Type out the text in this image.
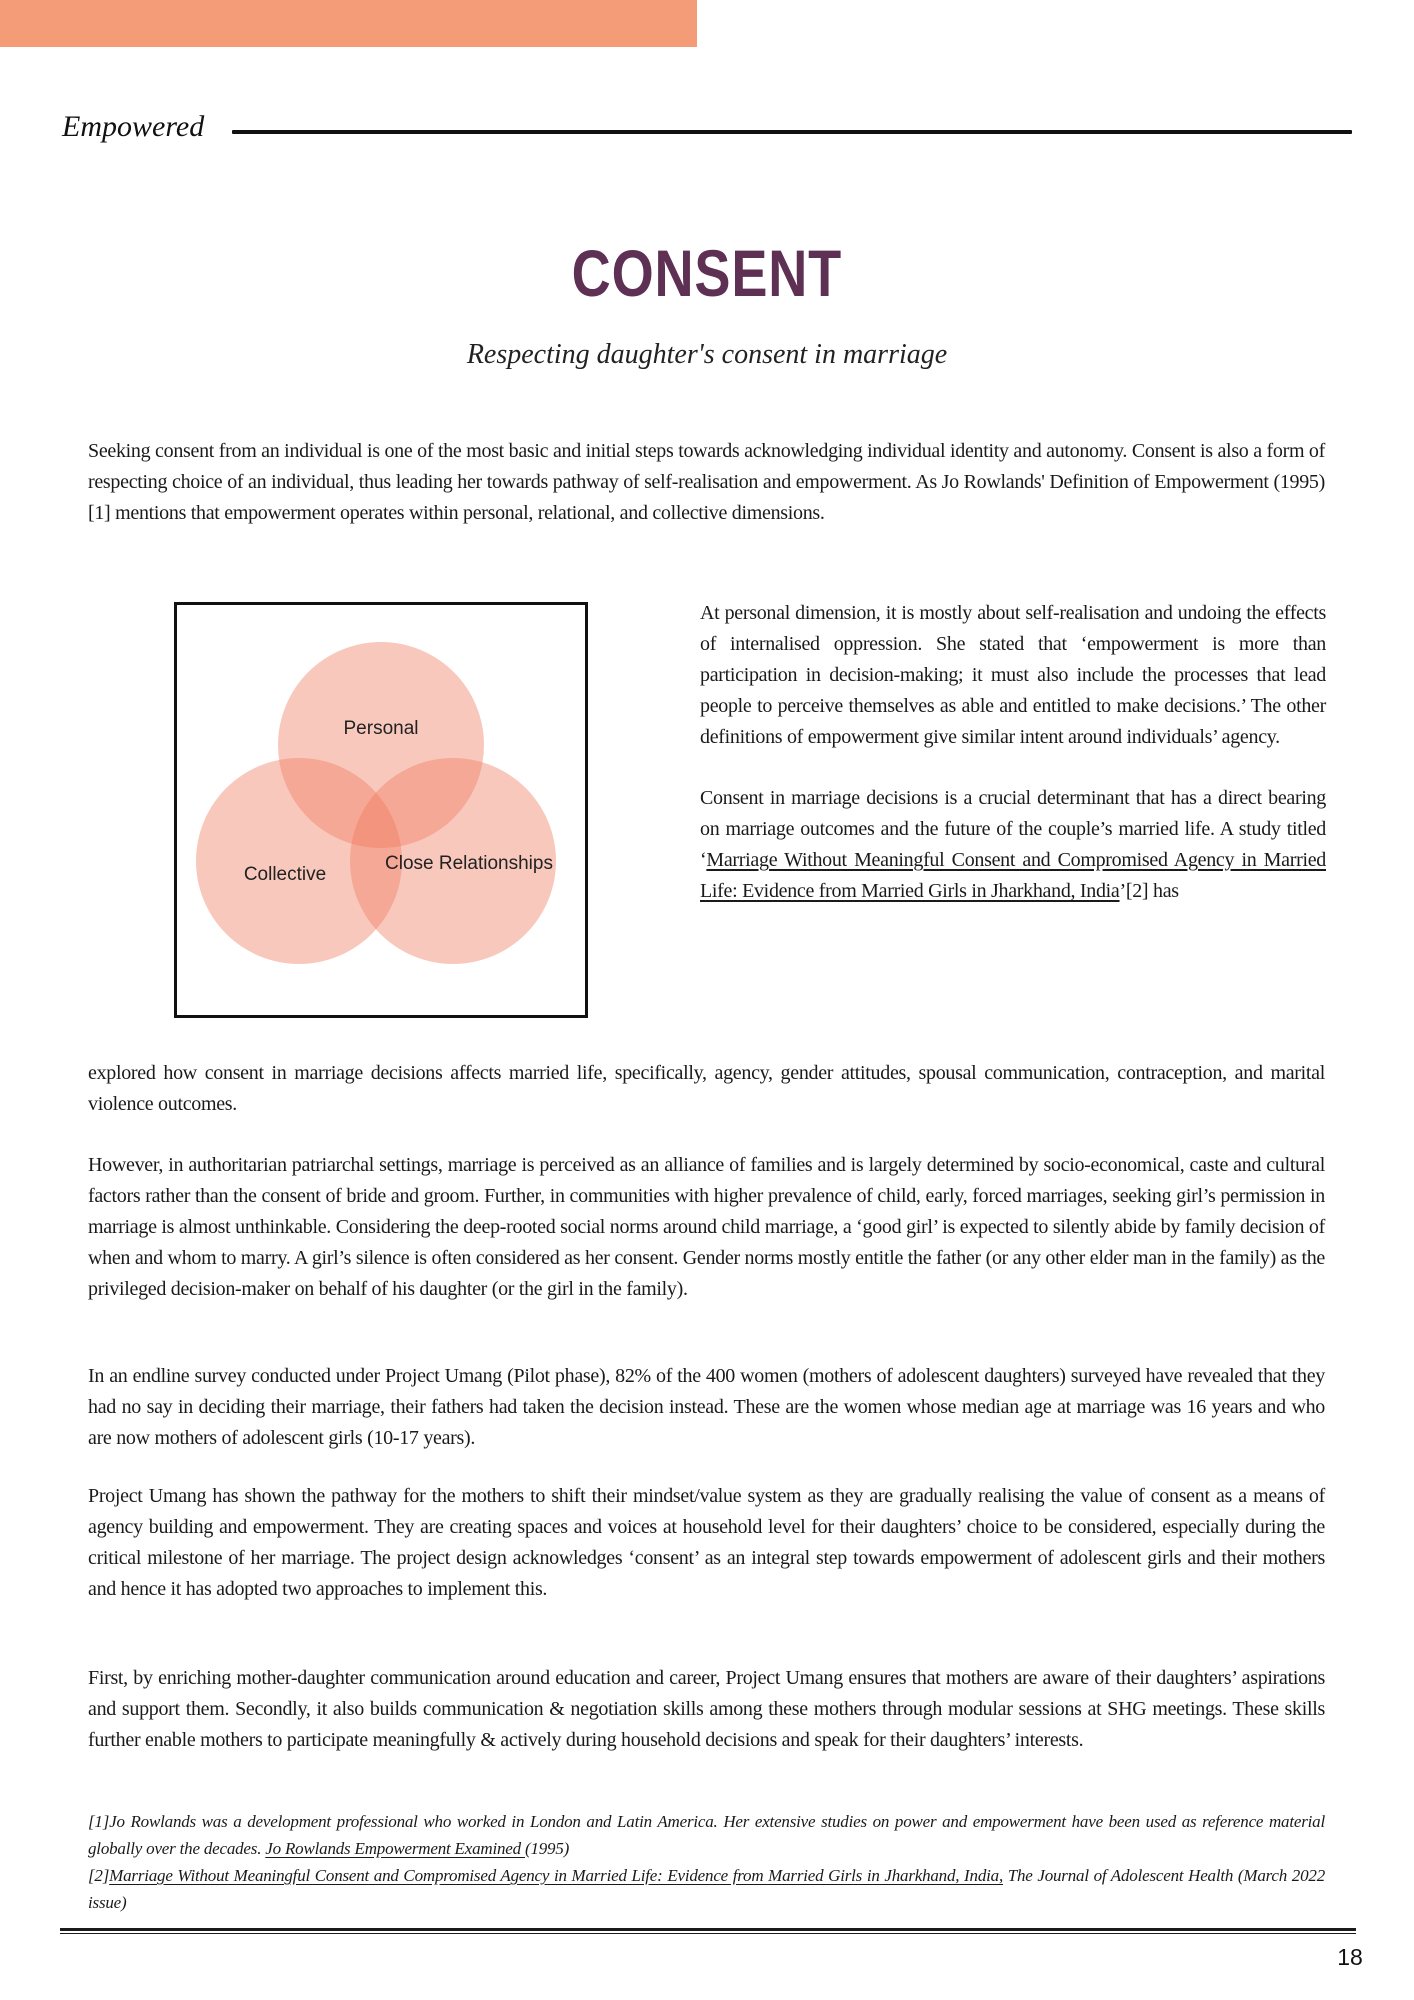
Empowered
CONSENT
Respecting daughter's consent in marriage
Seeking consent from an individual is one of the most basic and initial steps towards acknowledging individual identity and autonomy. Consent is also a form of respecting choice of an individual, thus leading her towards pathway of self-realisation and empowerment. As Jo Rowlands' Definition of Empowerment (1995)[1] mentions that empowerment operates within personal, relational, and collective dimensions.
Personal
Collective
Close Relationships
At personal dimension, it is mostly about self-realisation and undoing the effects of internalised oppression. She stated that ‘empowerment is more than participation in decision-making; it must also include the processes that lead people to perceive themselves as able and entitled to make decisions.’ The other definitions of empowerment give similar intent around individuals’ agency.
Consent in marriage decisions is a crucial determinant that has a direct bearing on marriage outcomes and the future of the couple’s married life. A study titled ‘Marriage Without Meaningful Consent and Compromised Agency in Married Life: Evidence from Married Girls in Jharkhand, India’[2] has
explored how consent in marriage decisions affects married life, specifically, agency, gender attitudes, spousal communication, contraception, and marital violence outcomes.
However, in authoritarian patriarchal settings, marriage is perceived as an alliance of families and is largely determined by socio-economical, caste and cultural factors rather than the consent of bride and groom. Further, in communities with higher prevalence of child, early, forced marriages, seeking girl’s permission in marriage is almost unthinkable. Considering the deep-rooted social norms around child marriage, a ‘good girl’ is expected to silently abide by family decision of when and whom to marry. A girl’s silence is often considered as her consent. Gender norms mostly entitle the father (or any other elder man in the family) as the privileged decision-maker on behalf of his daughter (or the girl in the family).
In an endline survey conducted under Project Umang (Pilot phase), 82% of the 400 women (mothers of adolescent daughters) surveyed have revealed that they had no say in deciding their marriage, their fathers had taken the decision instead. These are the women whose median age at marriage was 16 years and who are now mothers of adolescent girls (10-17 years).
Project Umang has shown the pathway for the mothers to shift their mindset/value system as they are gradually realising the value of consent as a means of agency building and empowerment. They are creating spaces and voices at household level for their daughters’ choice to be considered, especially during the critical milestone of her marriage. The project design acknowledges ‘consent’ as an integral step towards empowerment of adolescent girls and their mothers and hence it has adopted two approaches to implement this.
First, by enriching mother-daughter communication around education and career, Project Umang ensures that mothers are aware of their daughters’ aspirations and support them. Secondly, it also builds communication & negotiation skills among these mothers through modular sessions at SHG meetings. These skills further enable mothers to participate meaningfully & actively during household decisions and speak for their daughters’ interests.
[1]Jo Rowlands was a development professional who worked in London and Latin America. Her extensive studies on power and empowerment have been used as reference material globally over the decades. Jo Rowlands Empowerment Examined (1995)
[2]Marriage Without Meaningful Consent and Compromised Agency in Married Life: Evidence from Married Girls in Jharkhand, India, The Journal of Adolescent Health (March 2022 issue)
18
